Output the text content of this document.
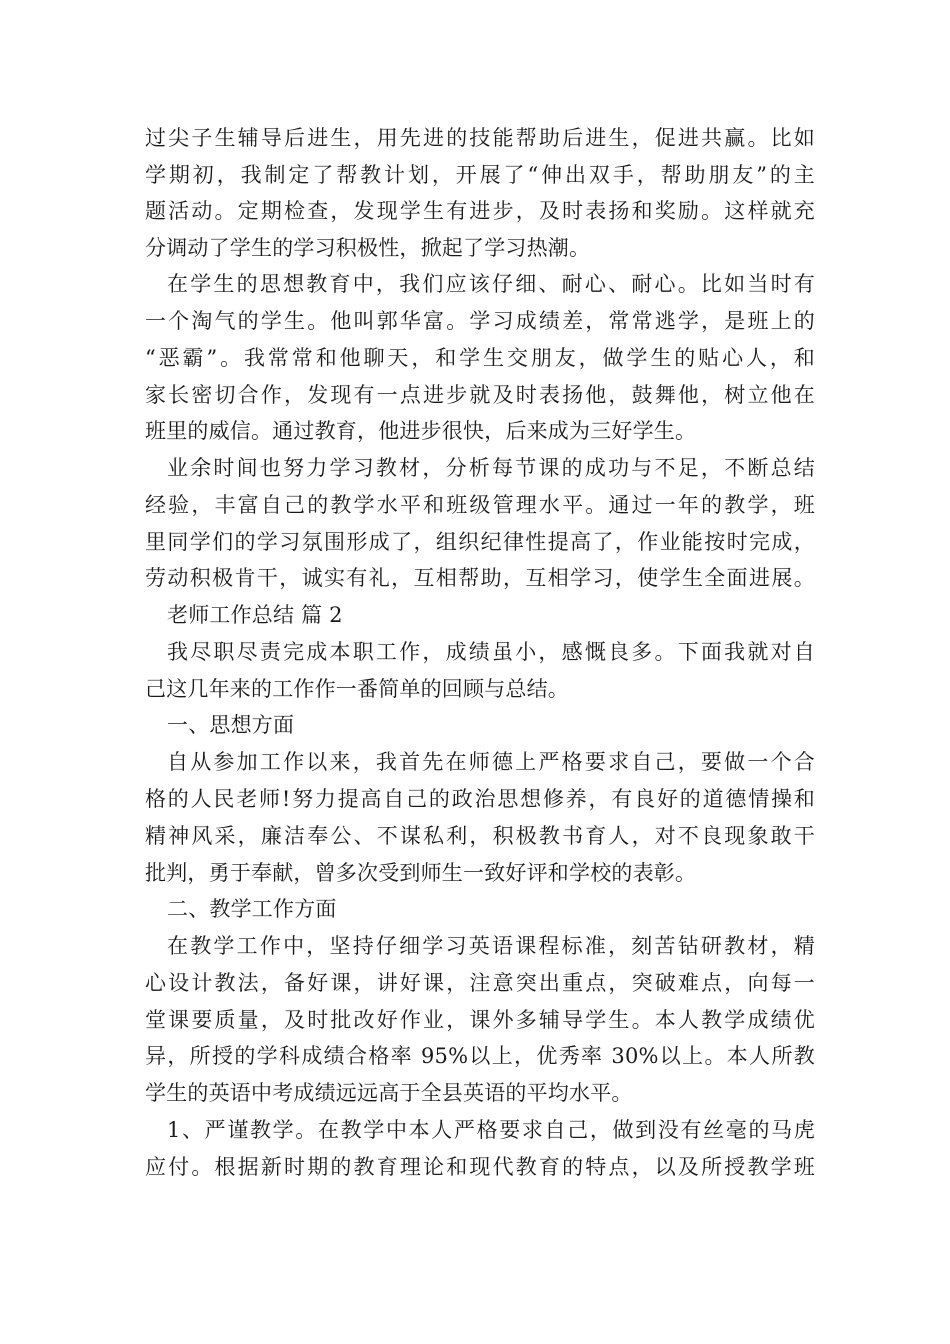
过尖子生辅导后进生，用先进的技能帮助后进生，促进共赢。比如
学期初，我制定了帮教计划，开展了“伸出双手，帮助朋友”的主
题活动。定期检查，发现学生有进步，及时表扬和奖励。这样就充
分调动了学生的学习积极性，掀起了学习热潮。
在学生的思想教育中，我们应该仔细、耐心、耐心。比如当时有
一个淘气的学生。他叫郭华富。学习成绩差，常常逃学，是班上的
“恶霸”。我常常和他聊天，和学生交朋友，做学生的贴心人，和
家长密切合作，发现有一点进步就及时表扬他，鼓舞他，树立他在
班里的威信。通过教育，他进步很快，后来成为三好学生。
业余时间也努力学习教材，分析每节课的成功与不足，不断总结
经验，丰富自己的教学水平和班级管理水平。通过一年的教学，班
里同学们的学习氛围形成了，组织纪律性提高了，作业能按时完成，
劳动积极肯干，诚实有礼，互相帮助，互相学习，使学生全面进展。
老师工作总结 篇 2
我尽职尽责完成本职工作，成绩虽小，感慨良多。下面我就对自
己这几年来的工作作一番简单的回顾与总结。
一、思想方面
自从参加工作以来，我首先在师德上严格要求自己，要做一个合
格的人民老师!努力提高自己的政治思想修养，有良好的道德情操和
精神风采，廉洁奉公、不谋私利，积极教书育人，对不良现象敢干
批判，勇于奉献，曾多次受到师生一致好评和学校的表彰。
二、教学工作方面
在教学工作中，坚持仔细学习英语课程标准，刻苦钻研教材，精
心设计教法，备好课，讲好课，注意突出重点，突破难点，向每一
堂课要质量，及时批改好作业，课外多辅导学生。本人教学成绩优
异，所授的学科成绩合格率 95%以上，优秀率 30%以上。本人所教
学生的英语中考成绩远远高于全县英语的平均水平。
1、严谨教学。在教学中本人严格要求自己，做到没有丝毫的马虎
应付。根据新时期的教育理论和现代教育的特点，以及所授教学班
